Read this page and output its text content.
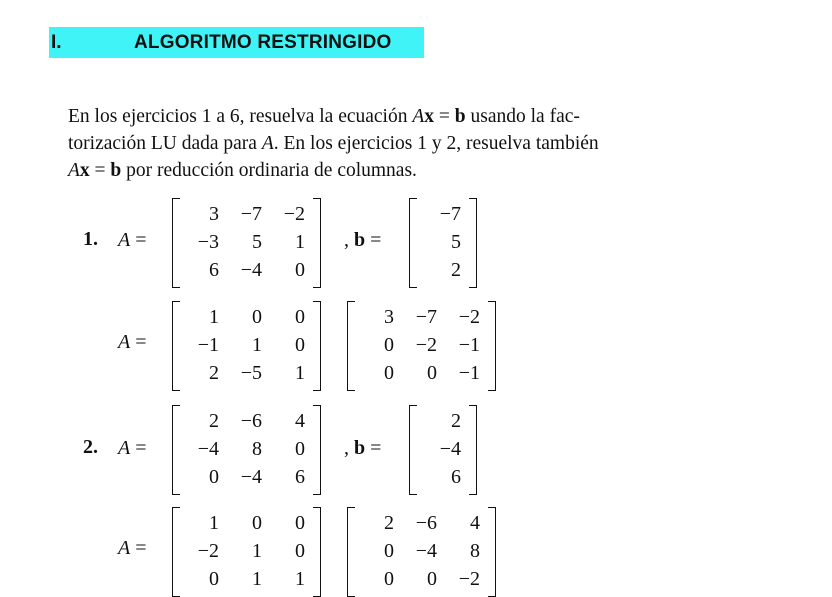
I.	ALGORITMO RESTRINGIDO

En los ejercicios 1 a 6, resuelva la ecuación Ax = b usando la fac-
torización LU dada para A. En los ejercicios 1 y 2, resuelva también
Ax = b por reducción ordinaria de columnas.

1. A =	, b =
A =
2. A =	, b =
A =
3	−7	−2
−3	5	1
6	−4	0
−7
5
2
1	0	0
−1	1	0
2	−5	1
3	−7	−2
0	−2	−1
0	0	−1
2	−6	4
−4	8	0
0	−4	6
2
−4
6
1	0	0
−2	1	0
0	1	1
2	−6	4
0	−4	8
0	0	−2
